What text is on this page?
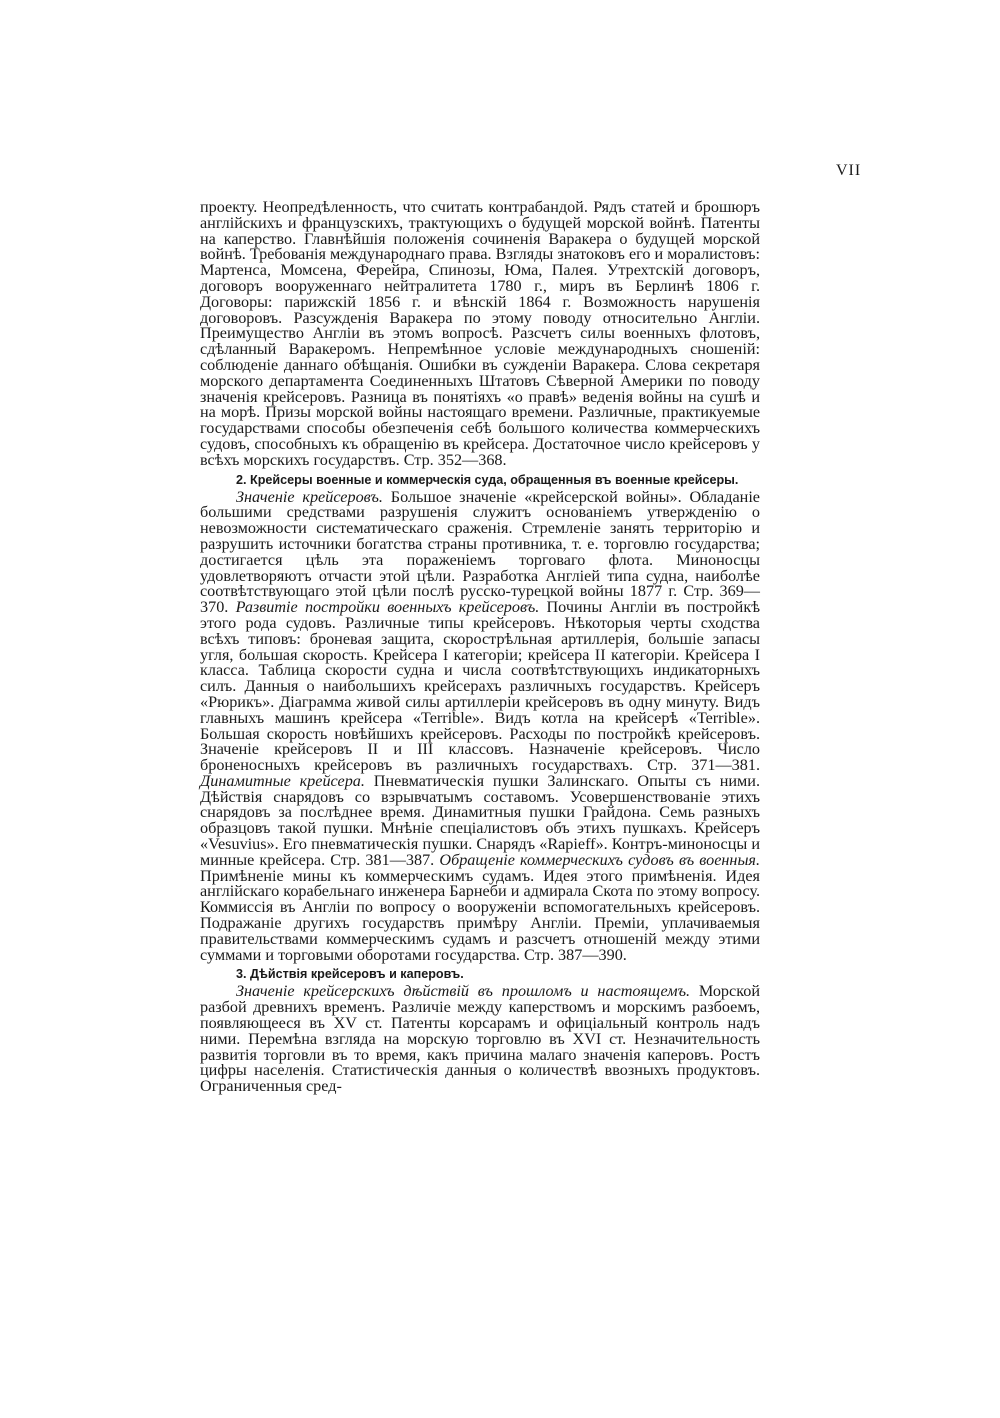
VII

проекту. Неопредѣленность, что считать контрабандой. Рядъ статей и брошюръ англійскихъ и французскихъ, трактующихъ о будущей морской войнѣ. Патенты на каперство. Главнѣйшія положенія сочиненія Варакера о будущей морской войнѣ. Требованія международнаго права. Взгляды знатоковъ его и моралистовъ: Мартенса, Момсена, Ферейра, Спинозы, Юма, Палея. Утрехтскій договоръ, договоръ вооруженнаго нейтралитета 1780 г., миръ въ Берлинѣ 1806 г. Договоры: парижскій 1856 г. и вѣнскій 1864 г. Возможность нарушенія договоровъ. Разсужденія Варакера по этому поводу относительно Англіи. Преимущество Англіи въ этомъ вопросѣ. Разсчетъ силы военныхъ флотовъ, сдѣланный Варакеромъ. Непремѣнное условіе международныхъ сношеній: соблюденіе даннаго обѣщанія. Ошибки въ сужденіи Варакера. Слова секретаря морского департамента Соединенныхъ Штатовъ Сѣверной Америки по поводу значенія крейсеровъ. Разница въ понятіяхъ «о правѣ» веденія войны на сушѣ и на морѣ. Призы морской войны настоящаго времени. Различные, практикуемые государствами способы обезпеченія себѣ большого количества коммерческихъ судовъ, способныхъ къ обращенію въ крейсера. Достаточное число крейсеровъ у всѣхъ морскихъ государствъ. Стр. 352—368.

2. Крейсеры военные и коммерческія суда, обращенныя въ военные крейсеры.

Значеніе крейсеровъ. Большое значеніе «крейсерской войны». Обладаніе большими средствами разрушенія служитъ основаніемъ утвержденію о невозможности систематическаго сраженія. Стремленіе занять территорію и разрушить источники богатства страны противника, т. е. торговлю государства; достигается цѣль эта пораженіемъ торговаго флота. Миноносцы удовлетворяютъ отчасти этой цѣли. Разработка Англіей типа судна, наиболѣе соотвѣтствующаго этой цѣли послѣ русско-турецкой войны 1877 г. Стр. 369—370. Развитіе постройки военныхъ крейсеровъ. Почины Англіи въ постройкѣ этого рода судовъ. Различные типы крейсеровъ. Нѣкоторыя черты сходства всѣхъ типовъ: броневая защита, скорострѣльная артиллерія, большіе запасы угля, большая скорость. Крейсера I категоріи; крейсера II категоріи. Крейсера I класса. Таблица скорости судна и числа соотвѣтствующихъ индикаторныхъ силъ. Данныя о наибольшихъ крейсерахъ различныхъ государствъ. Крейсеръ «Рюрикъ». Діаграмма живой силы артиллеріи крейсеровъ въ одну минуту. Видъ главныхъ машинъ крейсера «Terrible». Видъ котла на крейсерѣ «Terrible». Большая скорость новѣйшихъ крейсеровъ. Расходы по постройкѣ крейсеровъ. Значеніе крейсеровъ II и III классовъ. Назначеніе крейсеровъ. Число броненосныхъ крейсеровъ въ различныхъ государствахъ. Стр. 371—381. Динамитные крейсера. Пневматическія пушки Залинскаго. Опыты съ ними. Дѣйствія снарядовъ со взрывчатымъ составомъ. Усовершенствованіе этихъ снарядовъ за послѣднее время. Динамитныя пушки Грайдона. Семь разныхъ образцовъ такой пушки. Мнѣніе спеціалистовъ объ этихъ пушкахъ. Крейсеръ «Vesuvius». Его пневматическія пушки. Снарядъ «Rapieff». Контръ-миноносцы и минные крейсера. Стр. 381—387. Обращеніе коммерческихъ судовъ въ военныя. Примѣненіе мины къ коммерческимъ судамъ. Идея этого примѣненія. Идея англійскаго корабельнаго инженера Барнеби и адмирала Скота по этому вопросу. Коммиссія въ Англіи по вопросу о вооруженіи вспомогательныхъ крейсеровъ. Подражаніе другихъ государствъ примѣру Англіи. Преміи, уплачиваемыя правительствами коммерческимъ судамъ и разсчетъ отношеній между этими суммами и торговыми оборотами государства. Стр. 387—390.

3. Дѣйствія крейсеровъ и каперовъ.

Значеніе крейсерскихъ дѣйствій въ прошломъ и настоящемъ. Морской разбой древнихъ временъ. Различіе между каперствомъ и морскимъ разбоемъ, появляющееся въ XV ст. Патенты корсарамъ и офиціальный контроль надъ ними. Перемѣна взгляда на морскую торговлю въ XVI ст. Незначительность развитія торговли въ то время, какъ причина малаго значенія каперовъ. Ростъ цифры населенія. Статистическія данныя о количествѣ ввозныхъ продуктовъ. Ограниченныя сред-
